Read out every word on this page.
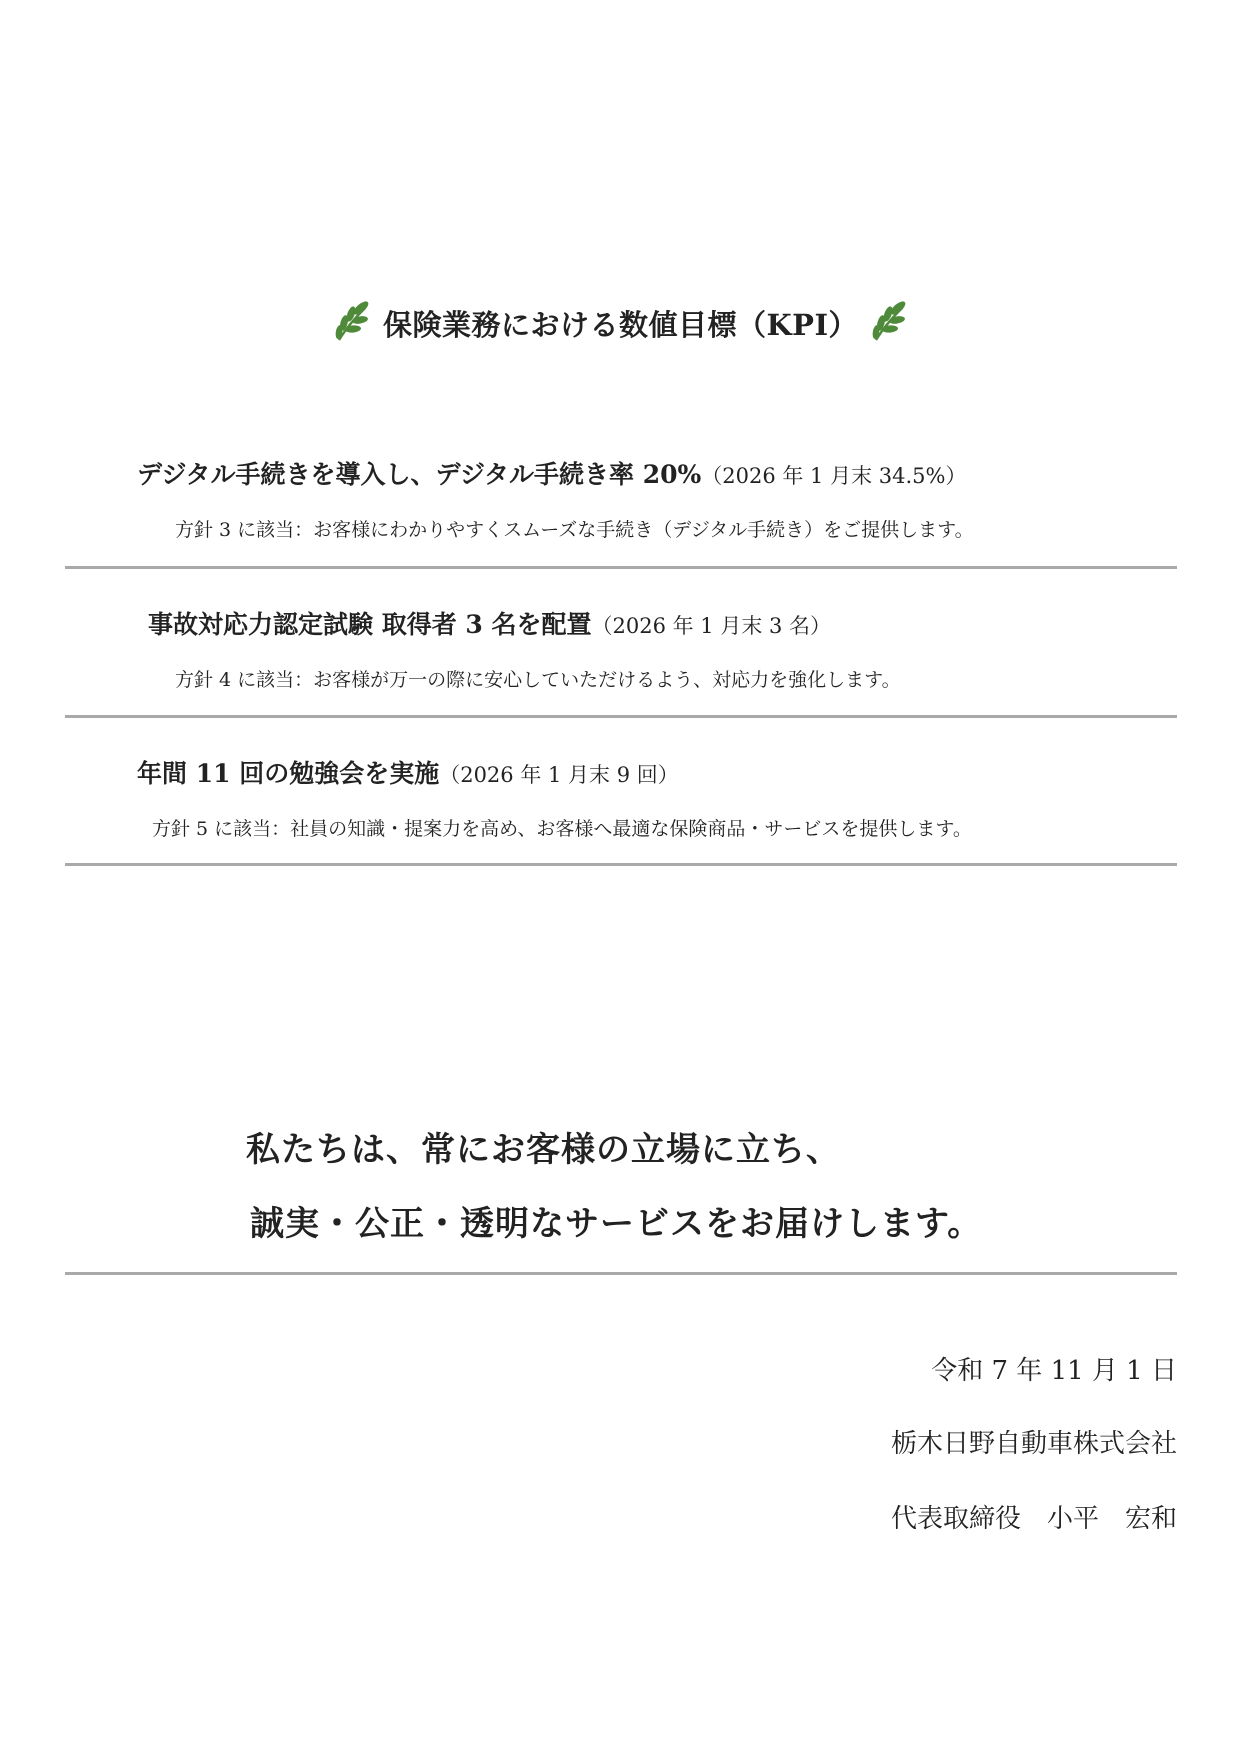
保険業務における数値目標（KPI）
デジタル手続きを導入し、デジタル手続き率 20%（2026 年 1 月末 34.5%）
方針 3 に該当：お客様にわかりやすくスムーズな手続き（デジタル手続き）をご提供します。
事故対応力認定試験 取得者 3 名を配置（2026 年 1 月末 3 名）
方針 4 に該当：お客様が万一の際に安心していただけるよう、対応力を強化します。
年間 11 回の勉強会を実施（2026 年 1 月末 9 回）
方針 5 に該当：社員の知識・提案力を高め、お客様へ最適な保険商品・サービスを提供します。
私たちは、常にお客様の立場に立ち、
誠実・公正・透明なサービスをお届けします。
令和 7 年 11 月 1 日
栃木日野自動車株式会社
代表取締役　小平　宏和
